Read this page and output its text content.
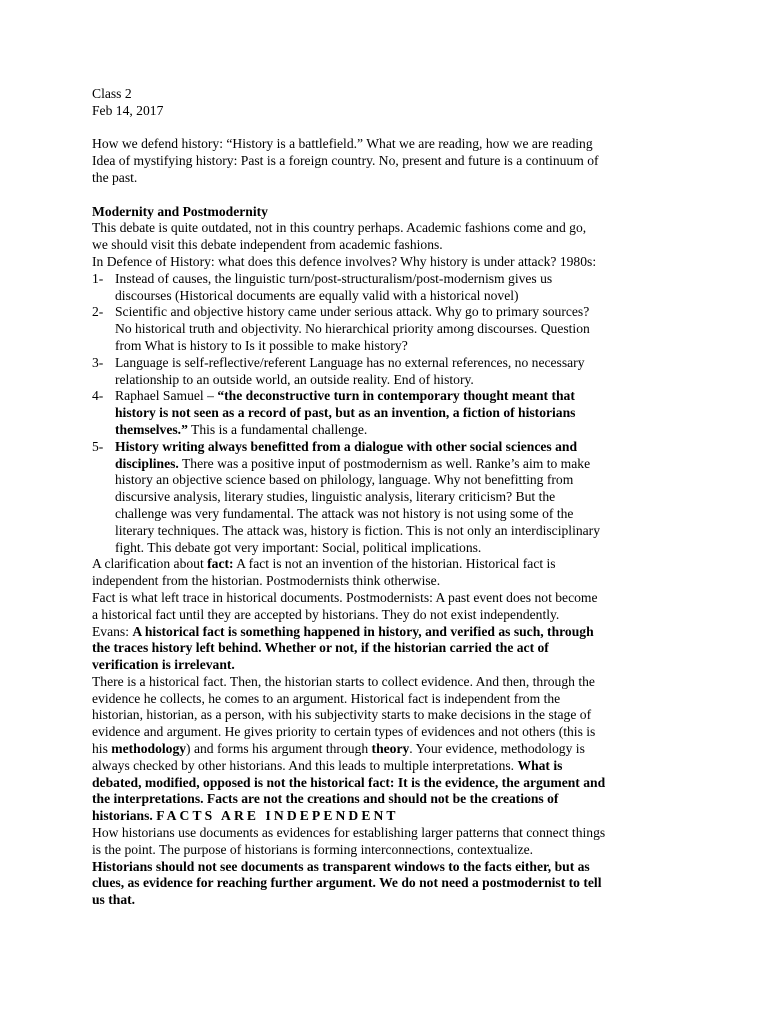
Class 2
Feb 14, 2017
How we defend history: “History is a battlefield.” What we are reading, how we are reading
Idea of mystifying history: Past is a foreign country. No, present and future is a continuum of
the past.
Modernity and Postmodernity
This debate is quite outdated, not in this country perhaps. Academic fashions come and go,
we should visit this debate independent from academic fashions.
In Defence of History: what does this defence involves? Why history is under attack? 1980s:
1- Instead of causes, the linguistic turn/post-structuralism/post-modernism gives us
discourses (Historical documents are equally valid with a historical novel)
2- Scientific and objective history came under serious attack. Why go to primary sources?
No historical truth and objectivity. No hierarchical priority among discourses. Question
from What is history to Is it possible to make history?
3- Language is self-reflective/referent Language has no external references, no necessary
relationship to an outside world, an outside reality. End of history.
4- Raphael Samuel – “the deconstructive turn in contemporary thought meant that
history is not seen as a record of past, but as an invention, a fiction of historians
themselves.” This is a fundamental challenge.
5- History writing always benefitted from a dialogue with other social sciences and
disciplines. There was a positive input of postmodernism as well. Ranke’s aim to make
history an objective science based on philology, language. Why not benefitting from
discursive analysis, literary studies, linguistic analysis, literary criticism? But the
challenge was very fundamental. The attack was not history is not using some of the
literary techniques. The attack was, history is fiction. This is not only an interdisciplinary
fight. This debate got very important: Social, political implications.
A clarification about fact: A fact is not an invention of the historian. Historical fact is
independent from the historian. Postmodernists think otherwise.
Fact is what left trace in historical documents. Postmodernists: A past event does not become
a historical fact until they are accepted by historians. They do not exist independently.
Evans: A historical fact is something happened in history, and verified as such, through
the traces history left behind. Whether or not, if the historian carried the act of
verification is irrelevant.
There is a historical fact. Then, the historian starts to collect evidence. And then, through the
evidence he collects, he comes to an argument. Historical fact is independent from the
historian, historian, as a person, with his subjectivity starts to make decisions in the stage of
evidence and argument. He gives priority to certain types of evidences and not others (this is
his methodology) and forms his argument through theory. Your evidence, methodology is
always checked by other historians. And this leads to multiple interpretations. What is
debated, modified, opposed is not the historical fact: It is the evidence, the argument and
the interpretations. Facts are not the creations and should not be the creations of
historians. FACTS ARE INDEPENDENT
How historians use documents as evidences for establishing larger patterns that connect things
is the point. The purpose of historians is forming interconnections, contextualize.
Historians should not see documents as transparent windows to the facts either, but as
clues, as evidence for reaching further argument. We do not need a postmodernist to tell
us that.
